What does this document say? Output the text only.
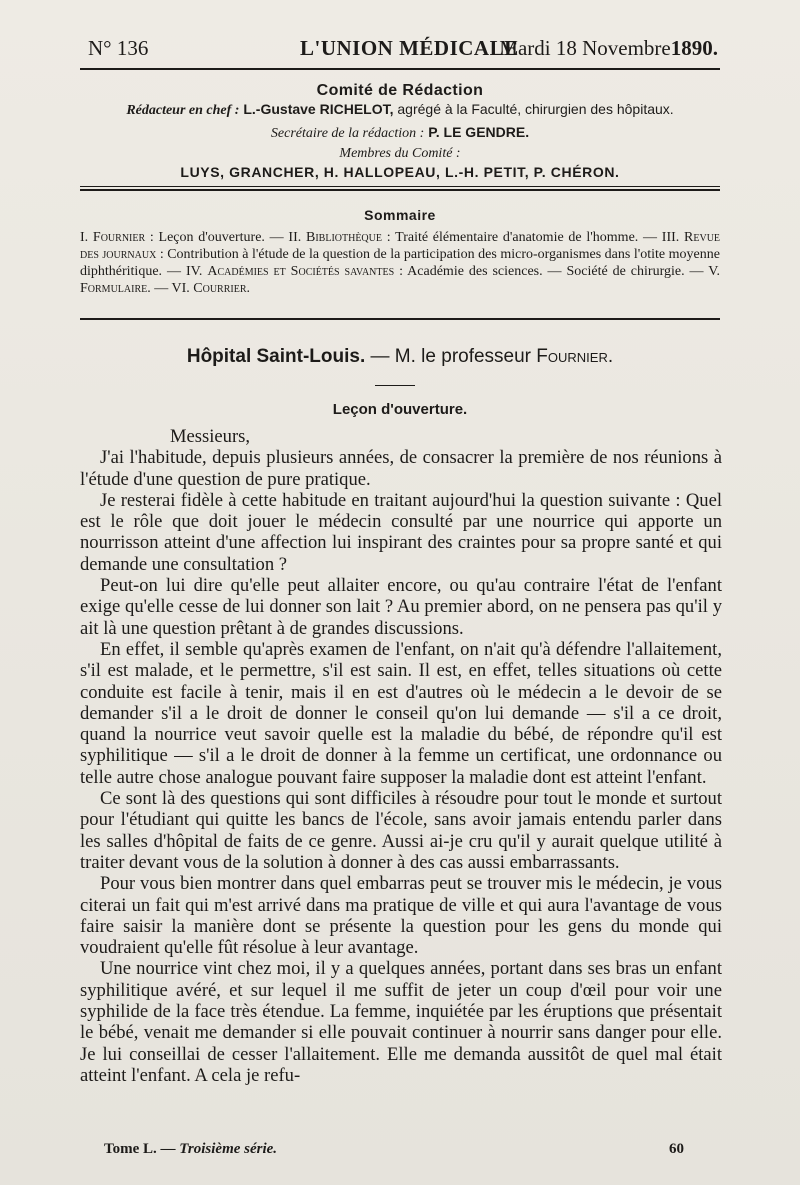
N° 136	L'UNION MÉDICALE
Mardi 18 Novembre1890.
Comité de Rédaction
Rédacteur en chef : L.-Gustave RICHELOT, agrégé à la Faculté, chirurgien des hôpitaux.
Secrétaire de la rédaction : P. LE GENDRE.
Membres du Comité :
LUYS, GRANCHER, H. HALLOPEAU, L.-H. PETIT, P. CHÉRON.
Sommaire
I. Fournier : Leçon d'ouverture. — II. Bibliothèque : Traité élémentaire d'anatomie de l'homme. — III. Revue des journaux : Contribution à l'étude de la question de la participation des micro-organismes dans l'otite moyenne diphthéritique. — IV. Académies et Sociétés savantes : Académie des sciences. — Société de chirurgie. — V. Formulaire. — VI. Courrier.
Hôpital Saint-Louis. — M. le professeur Fournier.
Leçon d'ouverture.

Messieurs,

J'ai l'habitude, depuis plusieurs années, de consacrer la première de nos réunions à l'étude d'une question de pure pratique.

Je resterai fidèle à cette habitude en traitant aujourd'hui la question suivante : Quel est le rôle que doit jouer le médecin consulté par une nourrice qui apporte un nourrisson atteint d'une affection lui inspirant des craintes pour sa propre santé et qui demande une consultation ?

Peut-on lui dire qu'elle peut allaiter encore, ou qu'au contraire l'état de l'enfant exige qu'elle cesse de lui donner son lait ? Au premier abord, on ne pensera pas qu'il y ait là une question prêtant à de grandes discussions.

En effet, il semble qu'après examen de l'enfant, on n'ait qu'à défendre l'allaitement, s'il est malade, et le permettre, s'il est sain. Il est, en effet, telles situations où cette conduite est facile à tenir, mais il en est d'autres où le médecin a le devoir de se demander s'il a le droit de donner le conseil qu'on lui demande — s'il a ce droit, quand la nourrice veut savoir quelle est la maladie du bébé, de répondre qu'il est syphilitique — s'il a le droit de donner à la femme un certificat, une ordonnance ou telle autre chose analogue pouvant faire supposer la maladie dont est atteint l'enfant.

Ce sont là des questions qui sont difficiles à résoudre pour tout le monde et surtout pour l'étudiant qui quitte les bancs de l'école, sans avoir jamais entendu parler dans les salles d'hôpital de faits de ce genre. Aussi ai-je cru qu'il y aurait quelque utilité à traiter devant vous de la solution à donner à des cas aussi embarrassants.

Pour vous bien montrer dans quel embarras peut se trouver mis le médecin, je vous citerai un fait qui m'est arrivé dans ma pratique de ville et qui aura l'avantage de vous faire saisir la manière dont se présente la question pour les gens du monde qui voudraient qu'elle fût résolue à leur avantage.

Une nourrice vint chez moi, il y a quelques années, portant dans ses bras un enfant syphilitique avéré, et sur lequel il me suffit de jeter un coup d'œil pour voir une syphilide de la face très étendue. La femme, inquiétée par les éruptions que présentait le bébé, venait me demander si elle pouvait continuer à nourrir sans danger pour elle. Je lui conseillai de cesser l'allaitement. Elle me demanda aussitôt de quel mal était atteint l'enfant. A cela je refu-

Tome L. — Troisième série.	60
